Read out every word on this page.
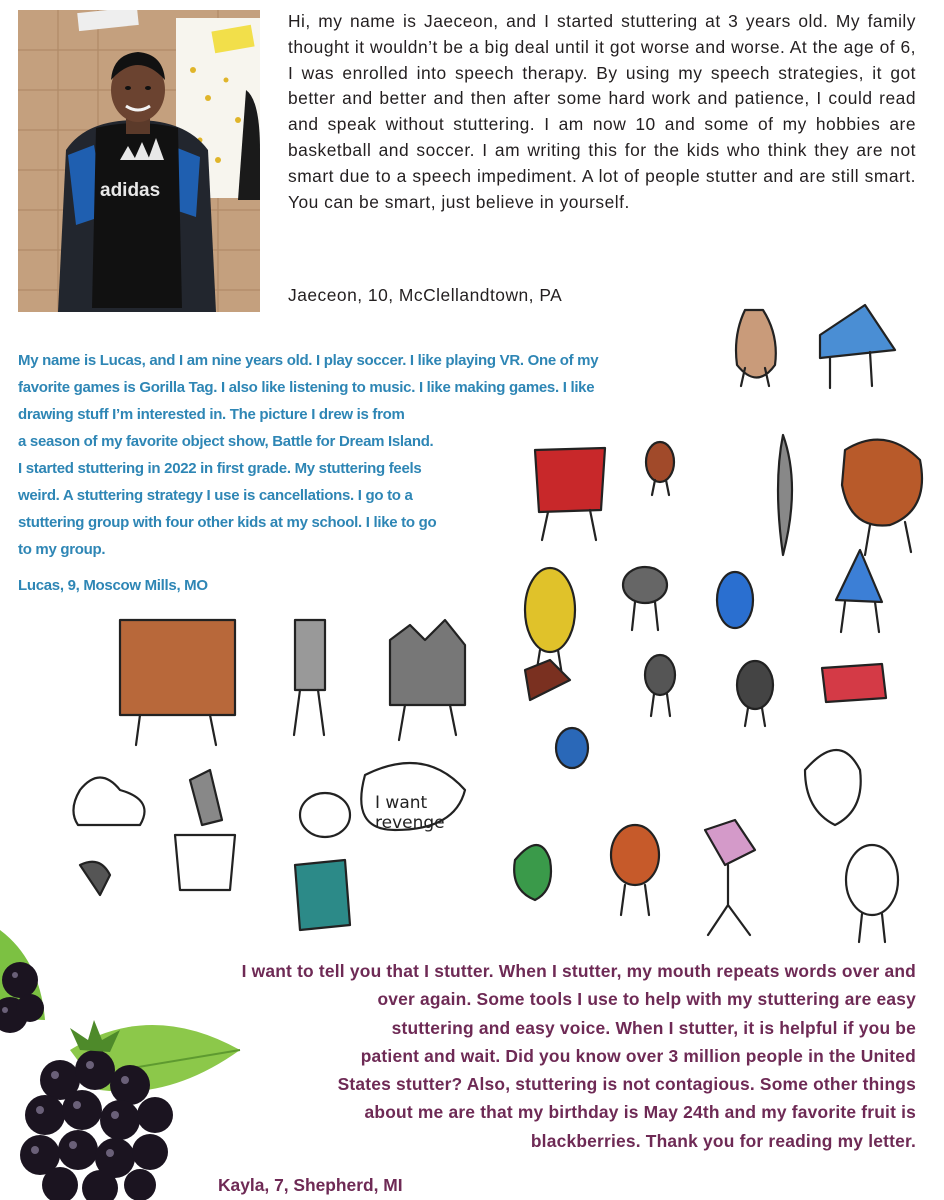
adidas

Hi, my name is Jaeceon, and I started stuttering at 3 years old. My family thought it wouldn’t be a big deal until it got worse and worse. At the age of 6, I was enrolled into speech therapy. By using my speech strategies, it got better and better and then after some hard work and patience, I could read and speak without stuttering. I am now 10 and some of my hobbies are basketball and soccer. I am writing this for the kids who think they are not smart due to a speech impediment. A lot of people stutter and are still smart. You can be smart, just believe in yourself.

Jaeceon, 10, McClellandtown, PA

I want
revenge
My name is Lucas, and I am nine years old. I play soccer. I like playing VR. One of my
favorite games is Gorilla Tag. I also like listening to music. I like making games. I like
drawing stuff I’m interested in. The picture I drew is from
a season of my favorite object show, Battle for Dream Island.
I started stuttering in 2022 in first grade. My stuttering feels
weird. A stuttering strategy I use is cancellations. I go to a
stuttering group with four other kids at my school. I like to go
to my group.

Lucas, 9, Moscow Mills, MO

I want to tell you that I stutter. When I stutter, my mouth repeats words over and
over again. Some tools I use to help with my stuttering are easy
stuttering and easy voice. When I stutter, it is helpful if you be
patient and wait. Did you know over 3 million people in the United
States stutter? Also, stuttering is not contagious. Some other things
about me are that my birthday is May 24th and my favorite fruit is
blackberries. Thank you for reading my letter.

Kayla, 7, Shepherd, MI
